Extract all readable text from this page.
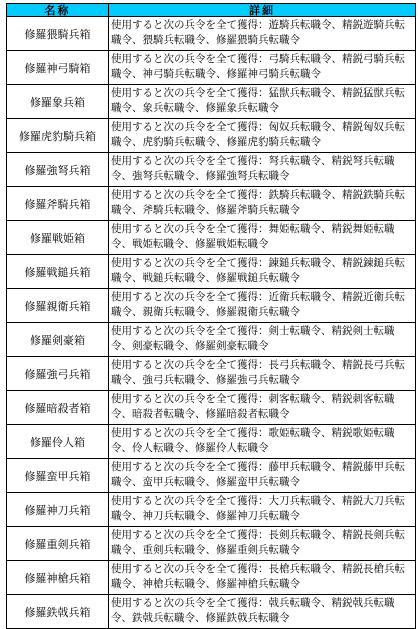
名称	詳細
修羅猥騎兵箱	使用すると次の兵令を全て獲得：遊騎兵転職令、精鋭遊騎兵転職令、猥騎兵転職令、修羅猥騎兵転職令
修羅神弓騎箱	使用すると次の兵令を全て獲得：弓騎兵転職令、精鋭弓騎兵転職令、神弓騎兵転職令、修羅神弓騎兵転職令
修羅象兵箱	使用すると次の兵令を全て獲得：猛獣兵転職令、精鋭猛獣兵転職令、象兵転職令、修羅象兵転職令
修羅虎豹騎兵箱	使用すると次の兵令を全て獲得：匈奴兵転職令、精鋭匈奴兵転職令、虎豹騎兵転職令、修羅虎豹騎兵転職令
修羅強弩兵箱	使用すると次の兵令を全て獲得：弩兵転職令、精鋭弩兵転職令、強弩兵転職令、修羅強弩兵転職令
修羅斧騎兵箱	使用すると次の兵令を全て獲得：鉄騎兵転職令、精鋭鉄騎兵転職令、斧騎兵転職令、修羅斧騎兵転職令
修羅戦姫箱	使用すると次の兵令を全て獲得：舞姫転職令、精鋭舞姫転職令、戦姫転職令、修羅戦姫転職令
修羅戦鎚兵箱	使用すると次の兵令を全て獲得：錬鎚兵転職令、精鋭錬鎚兵転職令、戦鎚兵転職令、修羅戦鎚兵転職令
修羅親衛兵箱	使用すると次の兵令を全て獲得：近衛兵転職令、精鋭近衛兵転職令、親衛兵転職令、修羅親衛兵転職令
修羅剣豪箱	使用すると次の兵令を全て獲得：剣士転職令、精鋭剣士転職令、剣豪転職令、修羅剣豪転職令
修羅強弓兵箱	使用すると次の兵令を全て獲得：長弓兵転職令、精鋭長弓兵転職令、強弓兵転職令、修羅強弓兵転職令
修羅暗殺者箱	使用すると次の兵令を全て獲得：刺客転職令、精鋭刺客転職令、暗殺者転職令、修羅暗殺者転職令
修羅伶人箱	使用すると次の兵令を全て獲得：歌姫転職令、精鋭歌姫転職令、伶人転職令、修羅伶人転職令
修羅蛮甲兵箱	使用すると次の兵令を全て獲得：藤甲兵転職令、精鋭藤甲兵転職令、蛮甲兵転職令、修羅蛮甲兵転職令
修羅神刀兵箱	使用すると次の兵令を全て獲得：大刀兵転職令、精鋭大刀兵転職令、神刀兵転職令、修羅神刀兵転職令
修羅重剣兵箱	使用すると次の兵令を全て獲得：長剣兵転職令、精鋭長剣兵転職令、重剣兵転職令、修羅重剣兵転職令
修羅神槍兵箱	使用すると次の兵令を全て獲得：長槍兵転職令、精鋭長槍兵転職令、神槍兵転職令、修羅神槍兵転職令
修羅鉄戟兵箱	使用すると次の兵令を全て獲得：戟兵転職令、精鋭戟兵転職令、鉄戟兵転職令、修羅鉄戟兵転職令
